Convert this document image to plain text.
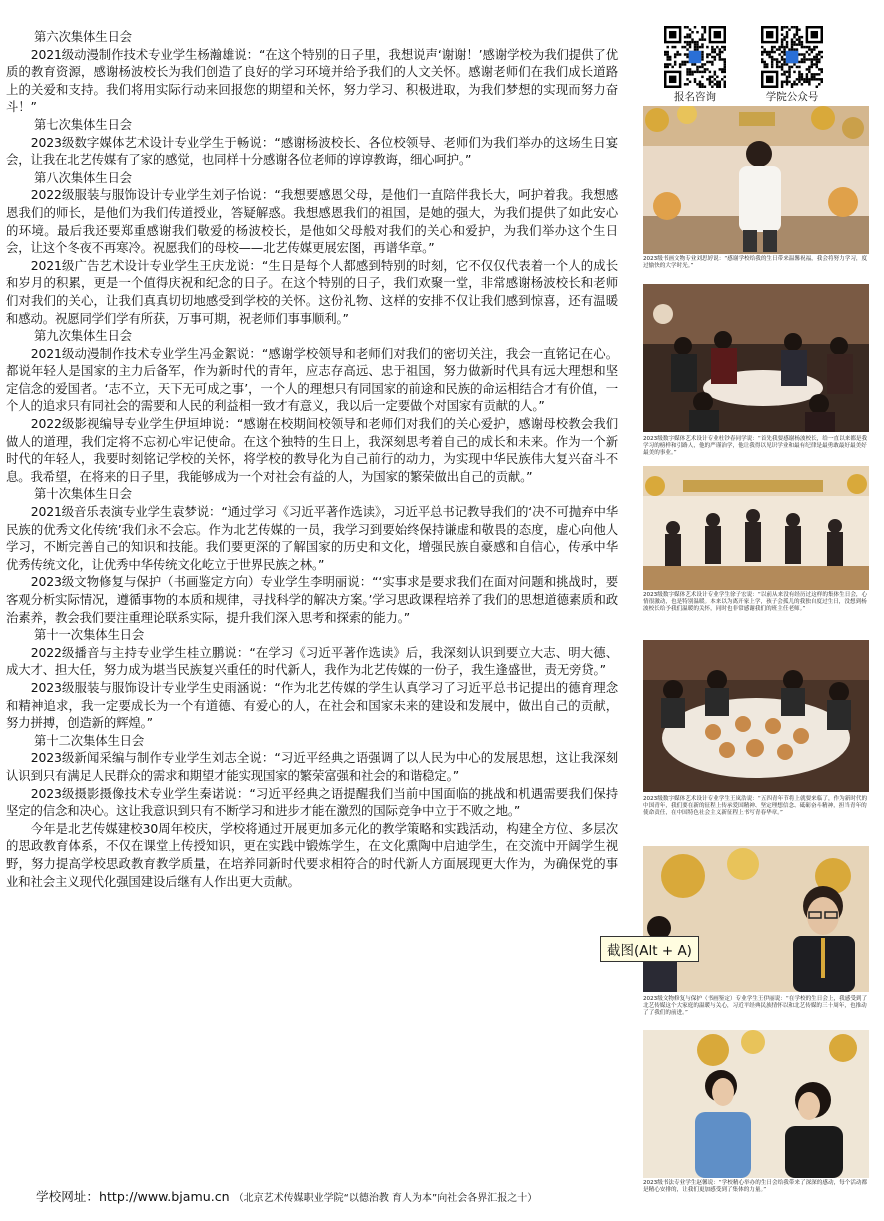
第六次集体生日会

2021级动漫制作技术专业学生杨瀚雄说：“在这个特别的日子里，我想说声‘谢谢！’感谢学校为我们提供了优质的教育资源，感谢杨波校长为我们创造了良好的学习环境并给予我们的人文关怀。感谢老师们在我们成长道路上的关爱和支持。我们将用实际行动来回报您的期望和关怀，努力学习、积极进取，为我们梦想的实现而努力奋斗！”

第七次集体生日会

2023级数字媒体艺术设计专业学生于畅说：“感谢杨波校长、各位校领导、老师们为我们举办的这场生日宴会，让我在北艺传媒有了家的感觉，也同样十分感谢各位老师的谆谆教诲，细心呵护。”

第八次集体生日会

2022级服装与服饰设计专业学生刘子怡说：“我想要感恩父母，是他们一直陪伴我长大，呵护着我。我想感恩我们的师长，是他们为我们传道授业，答疑解惑。我想感恩我们的祖国，是她的强大，为我们提供了如此安心的环境。最后我还要郑重感谢我们敬爱的杨波校长，是他如父母般对我们的关心和爱护，为我们举办这个生日会，让这个冬夜不再寒冷。祝愿我们的母校——北艺传媒更展宏图，再谱华章。”

2021级广告艺术设计专业学生王庆龙说：“生日是每个人都感到特别的时刻，它不仅仅代表着一个人的成长和岁月的积累，更是一个值得庆祝和纪念的日子。在这个特别的日子，我们欢聚一堂，非常感谢杨波校长和老师们对我们的关心，让我们真真切切地感受到学校的关怀。这份礼物、这样的安排不仅让我们感到惊喜，还有温暖和感动。祝愿同学们学有所获，万事可期，祝老师们事事顺利。”

第九次集体生日会

2021级动漫制作技术专业学生冯金絮说：“感谢学校领导和老师们对我们的密切关注，我会一直铭记在心。都说年轻人是国家的主力后备军，作为新时代的青年，应志存高远、忠于祖国，努力做新时代具有远大理想和坚定信念的爱国者。‘志不立，天下无可成之事’，一个人的理想只有同国家的前途和民族的命运相结合才有价值，一个人的追求只有同社会的需要和人民的利益相一致才有意义，我以后一定要做个对国家有贡献的人。”

2022级影视编导专业学生伊垣坤说：“感谢在校期间校领导和老师们对我们的关心爱护，感谢母校教会我们做人的道理，我们定将不忘初心牢记使命。在这个独特的生日上，我深刻思考着自己的成长和未来。作为一个新时代的年轻人，我要时刻铭记学校的关怀，将学校的教导化为自己前行的动力，为实现中华民族伟大复兴奋斗不息。我希望，在将来的日子里，我能够成为一个对社会有益的人，为国家的繁荣做出自己的贡献。”

第十次集体生日会

2021级音乐表演专业学生袁梦说：“通过学习《习近平著作选读》，习近平总书记教导我们的‘决不可抛弃中华民族的优秀文化传统’我们永不会忘。作为北艺传媒的一员，我学习到要始终保持谦虚和敬畏的态度，虚心向他人学习，不断完善自己的知识和技能。我们要更深的了解国家的历史和文化，增强民族自豪感和自信心，传承中华优秀传统文化，让优秀中华传统文化屹立于世界民族之林。”

2023级文物修复与保护（书画鉴定方向）专业学生李明丽说：“‘实事求是要求我们在面对问题和挑战时，要客观分析实际情况，遵循事物的本质和规律，寻找科学的解决方案。’学习思政课程培养了我们的思想道德素质和政治素养，教会我们要注重理论联系实际，提升我们深入思考和探索的能力。”

第十一次集体生日会

2022级播音与主持专业学生桂立鹏说：“在学习《习近平著作选读》后，我深刻认识到要立大志、明大德、成大才、担大任，努力成为堪当民族复兴重任的时代新人，我作为北艺传媒的一份子，我生逢盛世，责无旁贷。”

2023级服装与服饰设计专业学生史雨涵说：“作为北艺传媒的学生认真学习了习近平总书记提出的德育理念和精神追求，我一定要成长为一个有道德、有爱心的人，在社会和国家未来的建设和发展中，做出自己的贡献，努力拼搏，创造新的辉煌。”

第十二次集体生日会

2023级新闻采编与制作专业学生刘志全说：“习近平经典之语强调了以人民为中心的发展思想，这让我深刻认识到只有满足人民群众的需求和期望才能实现国家的繁荣富强和社会的和谐稳定。”

2023级摄影摄像技术专业学生秦诺说：“习近平经典之语提醒我们当前中国面临的挑战和机遇需要我们保持坚定的信念和决心。这让我意识到只有不断学习和进步才能在激烈的国际竞争中立于不败之地。”

今年是北艺传媒建校30周年校庆，学校将通过开展更加多元化的教学策略和实践活动，构建全方位、多层次的思政教育体系，不仅在课堂上传授知识，更在实践中锻炼学生，在文化熏陶中启迪学生，在交流中开阔学生视野，努力提高学校思政教育教学质量，在培养同新时代要求相符合的时代新人方面展现更大作为，为确保党的事业和社会主义现代化强国建设后继有人作出更大贡献。

学校网址：http://www.bjamu.cn （北京艺术传媒职业学院“以德治教 育人为本”向社会各界汇报之十）
报名咨询	学院公众号
2023级书画文物专业刘思婷说：“感谢学校给我的生日带来温馨祝福，我会将努力学习，度过愉快的大学时光。”
2023级数字媒体艺术设计专业杜钞春同学说：“首先我要感谢杨波校长，给一直以来都是我学习的榜样和引路人，他的严谨治学，他让我得以见识学业和最有纪律是最勇敢最好最美好最美的事业。”
2023级数字媒体艺术设计专业学生徐子宏说：“以前从来没有经历过这样的集体生日会，心情很激动，也是特别温暖。本来以为离开家上学，孩子会孤儿的我独自度过生日，没想到杨波校长给予我们温暖的关怀，同时也非常感谢我们的班主任老师。”
2023级数字媒体艺术设计专业学生王岚浩说：“五四青年节将上就要来临了，作为新时代的中国青年，我们要在新的征程上传承爱国精神、坚定理想信念、砥砺奋斗精神，担当青年的使命责任，在中国特色社会主义新征程上书写青春华章。”
2023级文物修复与保护（书画鉴定）专业学生王伊丽说：“在学校的生日会上，我感受到了北艺传媒这个大家庭的温暖与关心，习近平经典民族情怀以和北艺传媒的三十周年，也推动了了我们的前进。”
2023级书法专业学生赵馨说：“学校精心举办的生日会给我带来了深深的感动，每个活动都是精心安排的，让我们更加感受到了集体的力量。”
截图(Alt + A)
